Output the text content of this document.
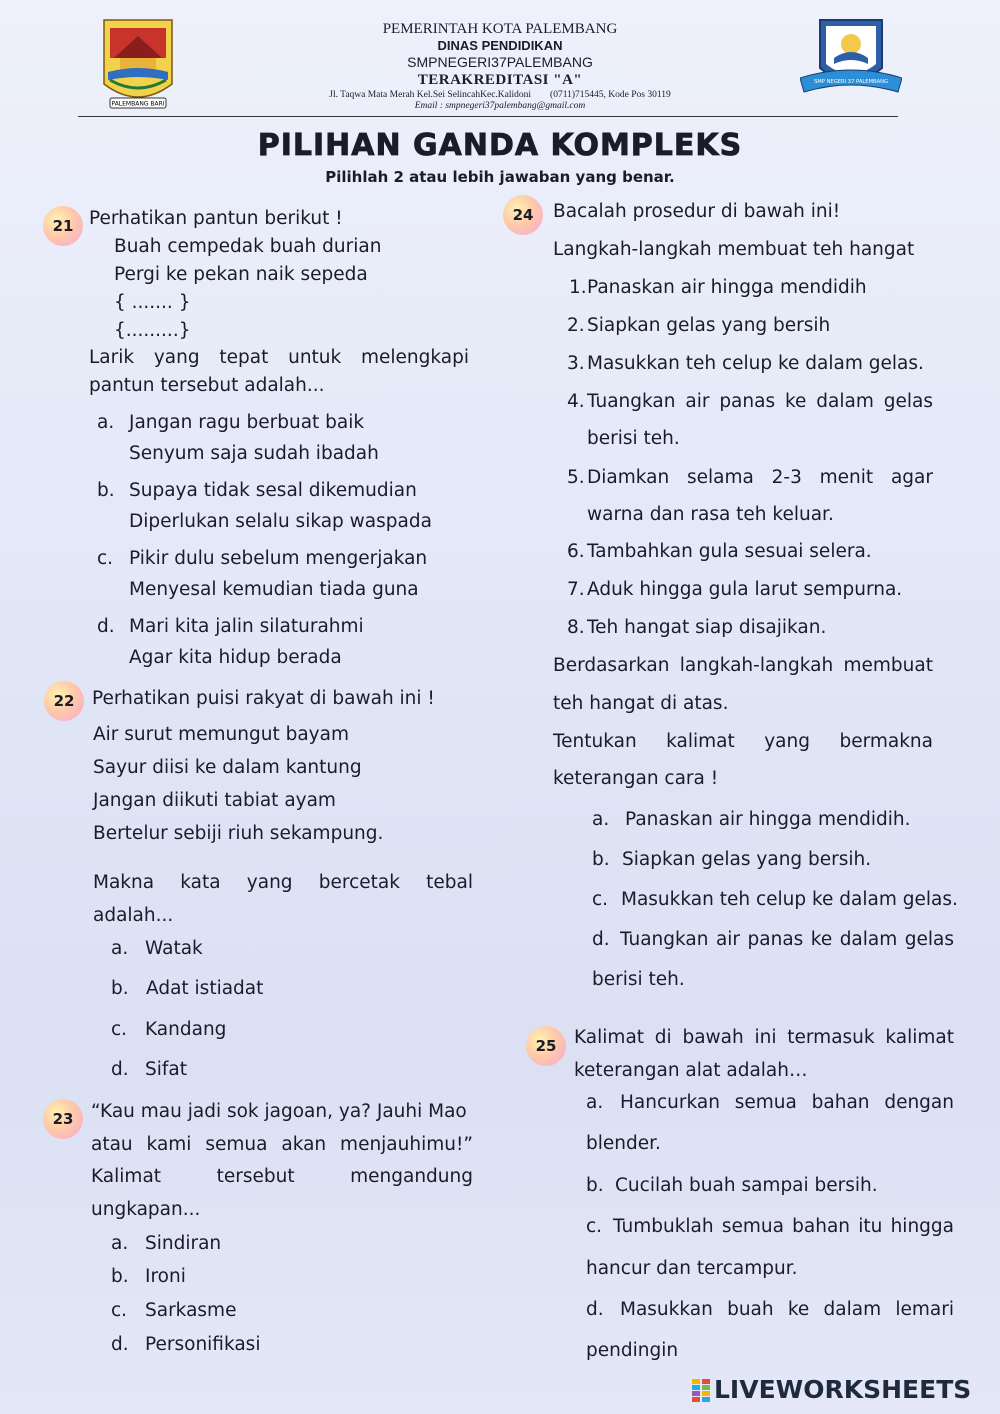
PALEMBANG BARI
PEMERINTAH KOTA PALEMBANG
DINAS PENDIDIKAN
SMPNEGERI37PALEMBANG
TERAKREDITASI "A"
Jl. Taqwa Mata Merah Kel.Sei SelincahKec.Kalidoni        (0711)715445, Kode Pos 30119
Email : smpnegeri37palembang@gmail.com
SMP NEGERI 37 PALEMBANG
PILIHAN GANDA KOMPLEKS
Pilihlah 2 atau lebih jawaban yang benar.
21 Perhatikan pantun berikut !
Buah cempedak buah durian
Pergi ke pekan naik sepeda
{ ....... }
{.........}
Larik yang tepat untuk melengkapi
pantun tersebut adalah...
a. Jangan ragu berbuat baik
Senyum saja sudah ibadah
b. Supaya tidak sesal dikemudian
Diperlukan selalu sikap waspada
c. Pikir dulu sebelum mengerjakan
Menyesal kemudian tiada guna
d. Mari kita jalin silaturahmi
Agar kita hidup berada
22 Perhatikan puisi rakyat di bawah ini !
Air surut memungut bayam
Sayur diisi ke dalam kantung
Jangan diikuti tabiat ayam
Bertelur sebiji riuh sekampung.
Makna kata yang bercetak tebal
adalah...
a. Watak
b. Adat istiadat
c. Kandang
d. Sifat
23 “Kau mau jadi sok jagoan, ya? Jauhi Mao
atau kami semua akan menjauhimu!”
Kalimat tersebut mengandung
ungkapan...
a. Sindiran
b. Ironi
c. Sarkasme
d. Personifikasi
24	Bacalah prosedur di bawah ini!
Langkah-langkah membuat teh hangat
1. Panaskan air hingga mendidih
2. Siapkan gelas yang bersih
3. Masukkan teh celup ke dalam gelas.
4. Tuangkan air panas ke dalam gelas
berisi teh.
5. Diamkan selama 2-3 menit agar
warna dan rasa teh keluar.
6. Tambahkan gula sesuai selera.
7. Aduk hingga gula larut sempurna.
8. Teh hangat siap disajikan.
Berdasarkan langkah-langkah membuat
teh hangat di atas.
Tentukan kalimat yang bermakna
keterangan cara !
a. Panaskan air hingga mendidih.
b. Siapkan gelas yang bersih.
c. Masukkan teh celup ke dalam gelas.
d. Tuangkan air panas ke dalam gelas
berisi teh.
25 Kalimat di bawah ini termasuk kalimat
keterangan alat adalah…
a. Hancurkan semua bahan dengan
blender.
b. Cucilah buah sampai bersih.
c. Tumbuklah semua bahan itu hingga
hancur dan tercampur.
d. Masukkan buah ke dalam lemari
pendingin
LIVEWORKSHEETS
